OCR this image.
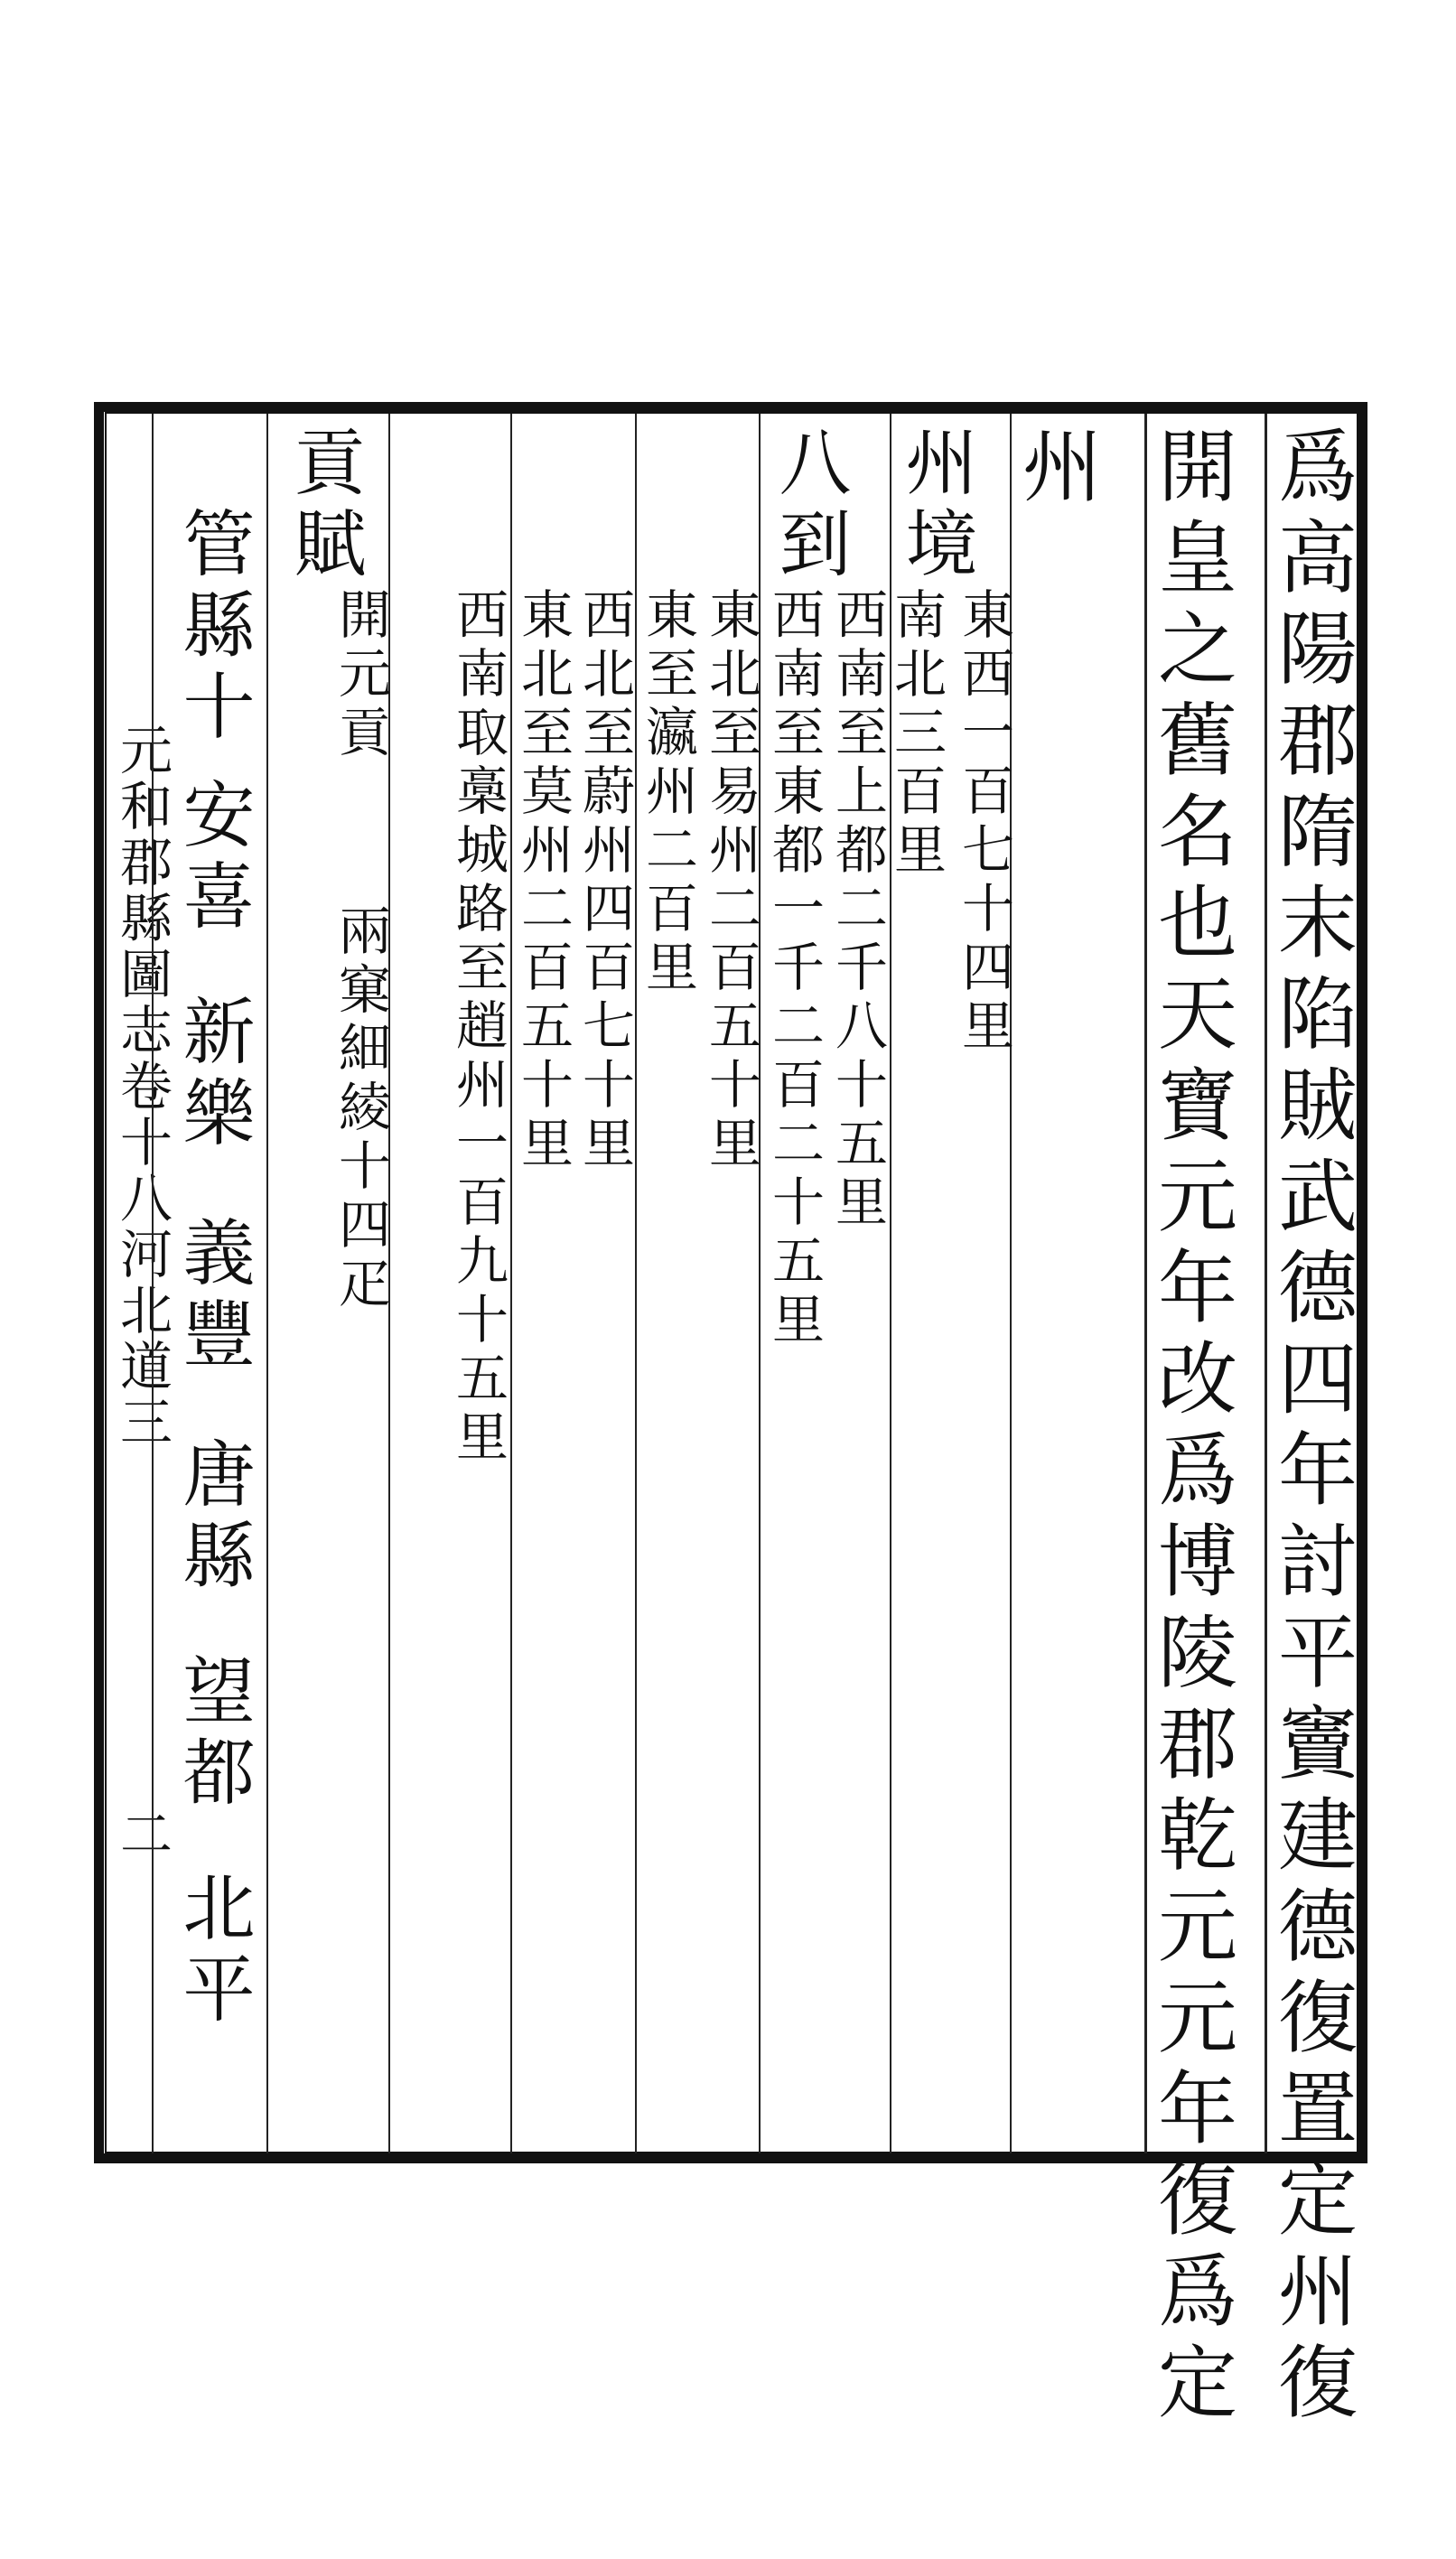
元和郡縣圖志卷十八河北道三
二	爲高陽郡隋末陷賊武德四年討平竇建德復置定州復
開皇之舊名也天寶元年改爲博陵郡乾元元年復爲定
州
州境
東西一百七十四里
南北三百里
八到
西南至上都二千八十五里
西南至東都一千二百二十五里
東北至易州二百五十里
東至瀛州二百里
西北至蔚州四百七十里
東北至莫州二百五十里
西南取槀城路至趙州一百九十五里
貢賦
開元貢
兩窠細綾十四疋
管縣十
安喜
新樂
義豐
唐縣
望都
北平
